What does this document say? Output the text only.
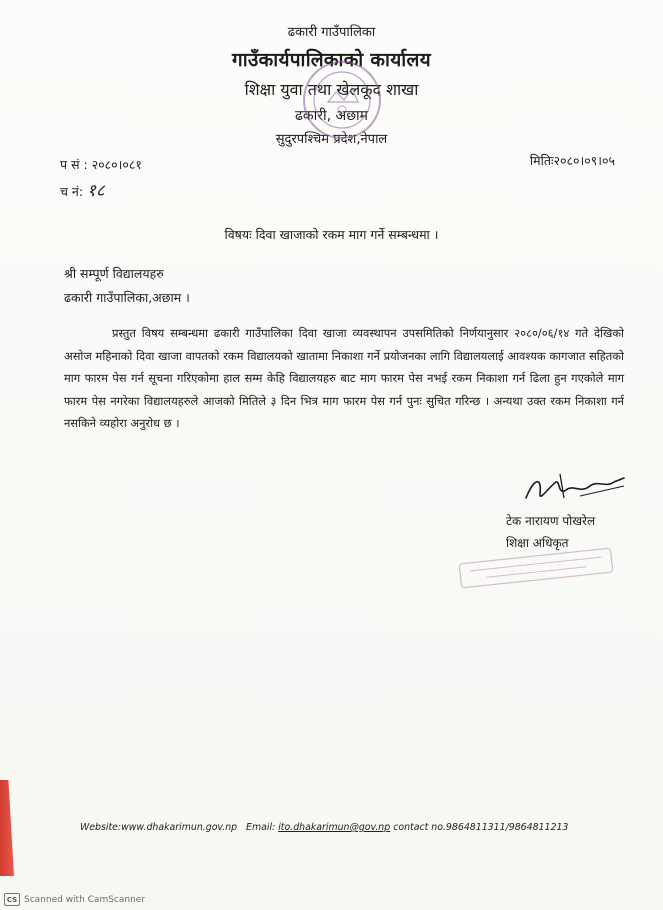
ढकारी गाउँपालिका
गाउँकार्यपालिकाको कार्यालय
शिक्षा युवा तथा खेलकूद शाखा
ढकारी, अछाम
सुदुरपश्चिम प्रदेश,नेपाल
प सं : २०८०।०८१
च नं: १८
मितिः२०८०।०९।०५
विषयः दिवा खाजाको रकम माग गर्ने सम्बन्धमा ।
श्री सम्पूर्ण विद्यालयहरु
ढकारी गाउँपालिका,अछाम ।
प्रस्तुत विषय सम्बन्धमा ढकारी गाउँपालिका दिवा खाजा व्यवस्थापन उपसमितिको निर्णयानुसार २०८०/०६/१४ गते देखिको असोज महिनाको दिवा खाजा वापतको रकम विद्यालयको खातामा निकाशा गर्ने प्रयोजनका लागि विद्यालयलाई आवश्यक कागजात सहितको माग फारम पेस गर्न सूचना गरिएकोमा हाल सम्म केहि विद्यालयहरु बाट माग फारम पेस नभई रकम निकाशा गर्न ढिला हुन गएकोले माग फारम पेस नगरेका विद्यालयहरुले आजको मितिले ३ दिन भित्र माग फारम पेस गर्न पुनः सुचित गरिन्छ । अन्यथा उक्त रकम निकाशा गर्न नसकिने व्यहोरा अनुरोध छ ।
टेक नारायण पोखरेल
शिक्षा अधिकृत
Website:www.dhakarimun.gov.np Email: ito.dhakarimun@gov.np contact no.9864811311/9864811213
CS Scanned with CamScanner
